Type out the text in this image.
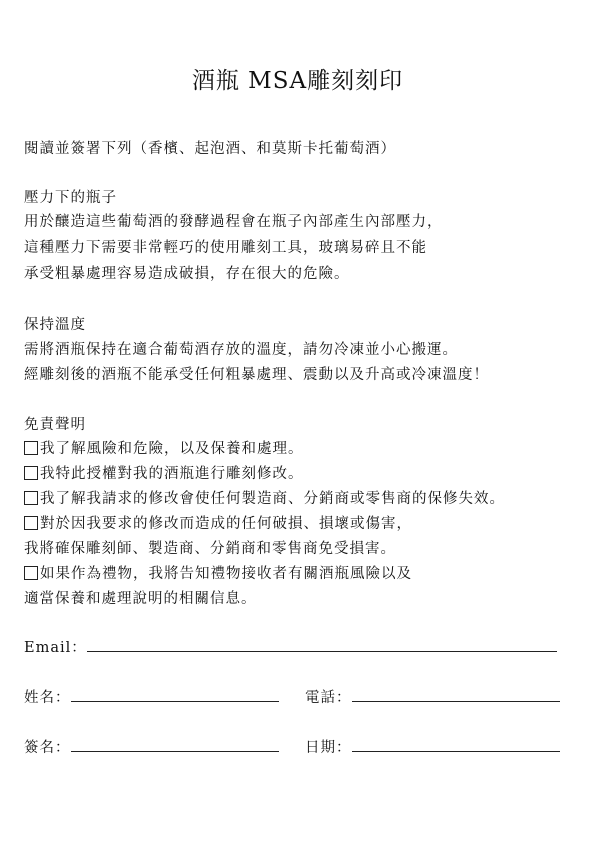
酒瓶 MSA雕刻刻印
閱讀並簽署下列（香檳、起泡酒、和莫斯卡托葡萄酒）
壓力下的瓶子
用於釀造這些葡萄酒的發酵過程會在瓶子內部產生內部壓力，
這種壓力下需要非常輕巧的使用雕刻工具，玻璃易碎且不能
承受粗暴處理容易造成破損，存在很大的危險。
保持溫度
需將酒瓶保持在適合葡萄酒存放的溫度，請勿冷凍並小心搬運。
經雕刻後的酒瓶不能承受任何粗暴處理、震動以及升高或冷凍溫度！
免責聲明
我了解風險和危險，以及保養和處理。
我特此授權對我的酒瓶進行雕刻修改。
我了解我請求的修改會使任何製造商、分銷商或零售商的保修失效。
對於因我要求的修改而造成的任何破損、損壞或傷害，
我將確保雕刻師、製造商、分銷商和零售商免受損害。
如果作為禮物，我將告知禮物接收者有關酒瓶風險以及
適當保養和處理說明的相關信息。
Email：
姓名：	電話：
簽名：	日期：
